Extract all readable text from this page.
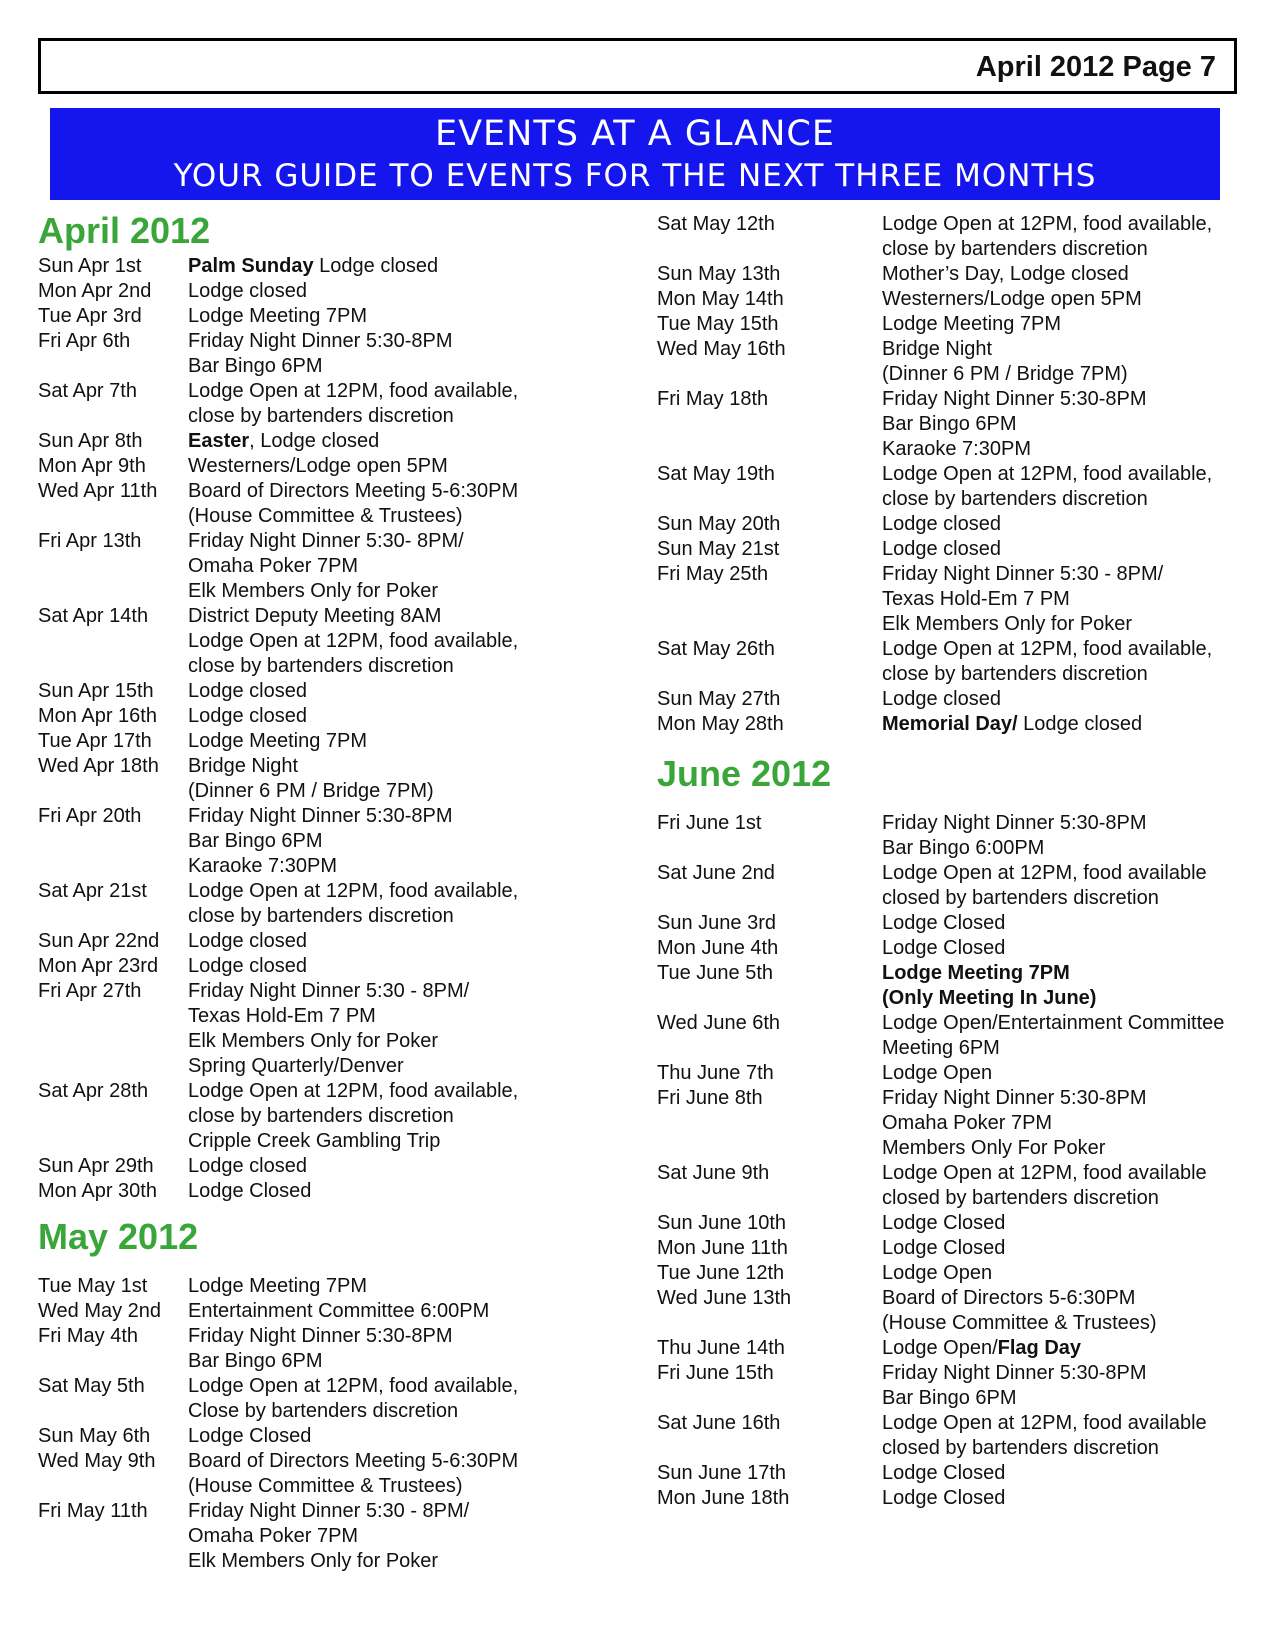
April 2012 Page 7
EVENTS AT A GLANCE
YOUR GUIDE TO EVENTS FOR THE NEXT THREE MONTHS
April 2012
Sun Apr 1st	Palm Sunday Lodge closed
Mon Apr 2nd	Lodge closed
Tue Apr 3rd	Lodge Meeting 7PM
Fri Apr 6th	Friday Night Dinner 5:30-8PM
Bar Bingo 6PM
Sat Apr 7th	Lodge Open at 12PM, food available,
close by bartenders discretion
Sun Apr 8th	Easter, Lodge closed
Mon Apr 9th	Westerners/Lodge open 5PM
Wed Apr 11th	Board of Directors Meeting 5-6:30PM
(House Committee & Trustees)
Fri Apr 13th	Friday Night Dinner 5:30- 8PM/
Omaha Poker 7PM
Elk Members Only for Poker
Sat Apr 14th	District Deputy Meeting 8AM
Lodge Open at 12PM, food available,
close by bartenders discretion
Sun Apr 15th	Lodge closed
Mon Apr 16th	Lodge closed
Tue Apr 17th	Lodge Meeting 7PM
Wed Apr 18th	Bridge Night
(Dinner 6 PM / Bridge 7PM)
Fri Apr 20th	Friday Night Dinner 5:30-8PM
Bar Bingo 6PM
Karaoke 7:30PM
Sat Apr 21st	Lodge Open at 12PM, food available,
close by bartenders discretion
Sun Apr 22nd	Lodge closed
Mon Apr 23rd	Lodge closed
Fri Apr 27th	Friday Night Dinner 5:30 - 8PM/
Texas Hold-Em 7 PM
Elk Members Only for Poker
Spring Quarterly/Denver
Sat Apr 28th	Lodge Open at 12PM, food available,
close by bartenders discretion
Cripple Creek Gambling Trip
Sun Apr 29th	Lodge closed
Mon Apr 30th	Lodge Closed
May 2012
Tue May 1st	Lodge Meeting 7PM
Wed May 2nd	Entertainment Committee 6:00PM
Fri May 4th	Friday Night Dinner 5:30-8PM
Bar Bingo 6PM
Sat May 5th	Lodge Open at 12PM, food available,
Close by bartenders discretion
Sun May 6th	Lodge Closed
Wed May 9th	Board of Directors Meeting 5-6:30PM
(House Committee & Trustees)
Fri May 11th	Friday Night Dinner 5:30 - 8PM/
Omaha Poker 7PM
Elk Members Only for Poker
Sat May 12th	Lodge Open at 12PM, food available,
close by bartenders discretion
Sun May 13th	Mother’s Day, Lodge closed
Mon May 14th	Westerners/Lodge open 5PM
Tue May 15th	Lodge Meeting 7PM
Wed May 16th	Bridge Night
(Dinner 6 PM / Bridge 7PM)
Fri May 18th	Friday Night Dinner 5:30-8PM
Bar Bingo 6PM
Karaoke 7:30PM
Sat May 19th	Lodge Open at 12PM, food available,
close by bartenders discretion
Sun May 20th	Lodge closed
Sun May 21st	Lodge closed
Fri May 25th	Friday Night Dinner 5:30 - 8PM/
Texas Hold-Em 7 PM
Elk Members Only for Poker
Sat May 26th	Lodge Open at 12PM, food available,
close by bartenders discretion
Sun May 27th	Lodge closed
Mon May 28th	Memorial Day/ Lodge closed
June 2012
Fri June 1st	Friday Night Dinner 5:30-8PM
Bar Bingo 6:00PM
Sat June 2nd	Lodge Open at 12PM, food available
closed by bartenders discretion
Sun June 3rd	Lodge Closed
Mon June 4th	Lodge Closed
Tue June 5th	Lodge Meeting 7PM
(Only Meeting In June)
Wed June 6th	Lodge Open/Entertainment Committee
Meeting 6PM
Thu June 7th	Lodge Open
Fri June 8th	Friday Night Dinner 5:30-8PM
Omaha Poker 7PM
Members Only For Poker
Sat June 9th	Lodge Open at 12PM, food available
closed by bartenders discretion
Sun June 10th	Lodge Closed
Mon June 11th	Lodge Closed
Tue June 12th	Lodge Open
Wed June 13th	Board of Directors 5-6:30PM
(House Committee & Trustees)
Thu June 14th	Lodge Open/Flag Day
Fri June 15th	Friday Night Dinner 5:30-8PM
Bar Bingo 6PM
Sat June 16th	Lodge Open at 12PM, food available
closed by bartenders discretion
Sun June 17th	Lodge Closed
Mon June 18th	Lodge Closed
